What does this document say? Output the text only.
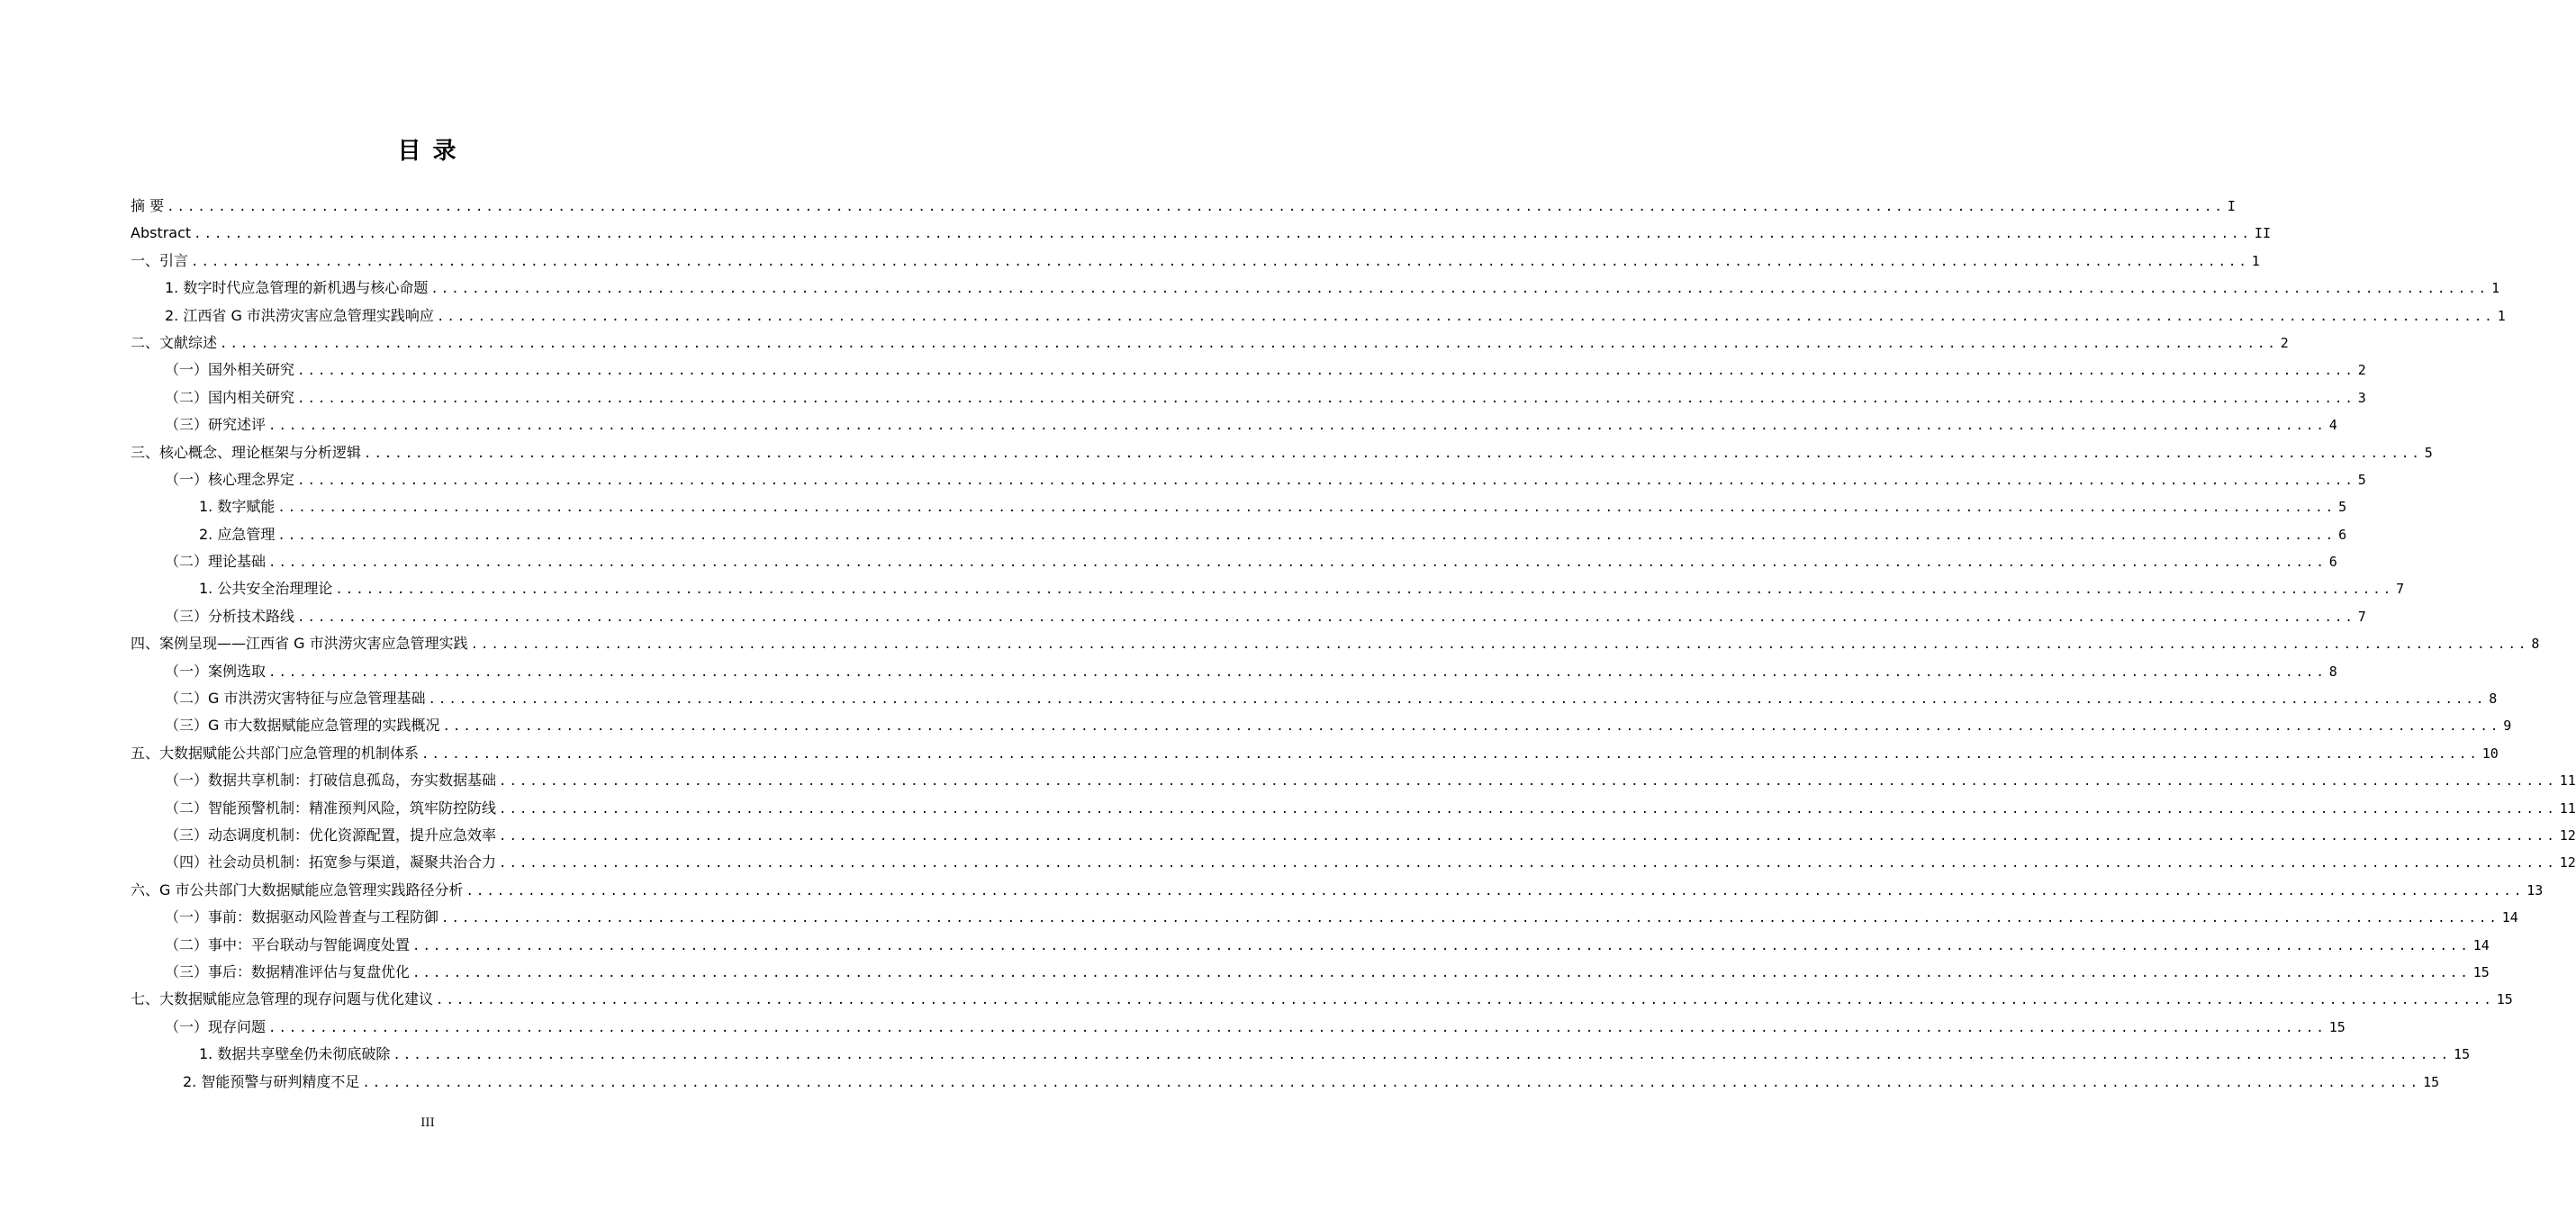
目 录
摘 要 ........................................................................................................................................................................................................ I
Abstract ........................................................................................................................................................................................................ II
一、引言 ........................................................................................................................................................................................................ 1
1. 数字时代应急管理的新机遇与核心命题 ........................................................................................................................................................................................................ 1
2. 江西省 G 市洪涝灾害应急管理实践响应 ........................................................................................................................................................................................................ 1
二、文献综述 ........................................................................................................................................................................................................ 2
（一）国外相关研究 ........................................................................................................................................................................................................ 2
（二）国内相关研究 ........................................................................................................................................................................................................ 3
（三）研究述评 ........................................................................................................................................................................................................ 4
三、核心概念、理论框架与分析逻辑 ........................................................................................................................................................................................................ 5
（一）核心理念界定 ........................................................................................................................................................................................................ 5
1. 数字赋能 ........................................................................................................................................................................................................ 5
2. 应急管理 ........................................................................................................................................................................................................ 6
（二）理论基础 ........................................................................................................................................................................................................ 6
1. 公共安全治理理论 ........................................................................................................................................................................................................ 7
（三）分析技术路线 ........................................................................................................................................................................................................ 7
四、案例呈现——江西省 G 市洪涝灾害应急管理实践 ........................................................................................................................................................................................................ 8
（一）案例选取 ........................................................................................................................................................................................................ 8
（二）G 市洪涝灾害特征与应急管理基础 ........................................................................................................................................................................................................ 8
（三）G 市大数据赋能应急管理的实践概况 ........................................................................................................................................................................................................ 9
五、大数据赋能公共部门应急管理的机制体系 ........................................................................................................................................................................................................ 10
（一）数据共享机制：打破信息孤岛，夯实数据基础 ........................................................................................................................................................................................................ 11
（二）智能预警机制：精准预判风险，筑牢防控防线 ........................................................................................................................................................................................................ 11
（三）动态调度机制：优化资源配置，提升应急效率 ........................................................................................................................................................................................................ 12
（四）社会动员机制：拓宽参与渠道，凝聚共治合力 ........................................................................................................................................................................................................ 12
六、G 市公共部门大数据赋能应急管理实践路径分析 ........................................................................................................................................................................................................ 13
（一）事前：数据驱动风险普查与工程防御 ........................................................................................................................................................................................................ 14
（二）事中：平台联动与智能调度处置 ........................................................................................................................................................................................................ 14
（三）事后：数据精准评估与复盘优化 ........................................................................................................................................................................................................ 15
七、大数据赋能应急管理的现存问题与优化建议 ........................................................................................................................................................................................................ 15
（一）现存问题 ........................................................................................................................................................................................................ 15
1. 数据共享壁垒仍未彻底破除 ........................................................................................................................................................................................................ 15
2. 智能预警与研判精度不足 ........................................................................................................................................................................................................ 15
III
